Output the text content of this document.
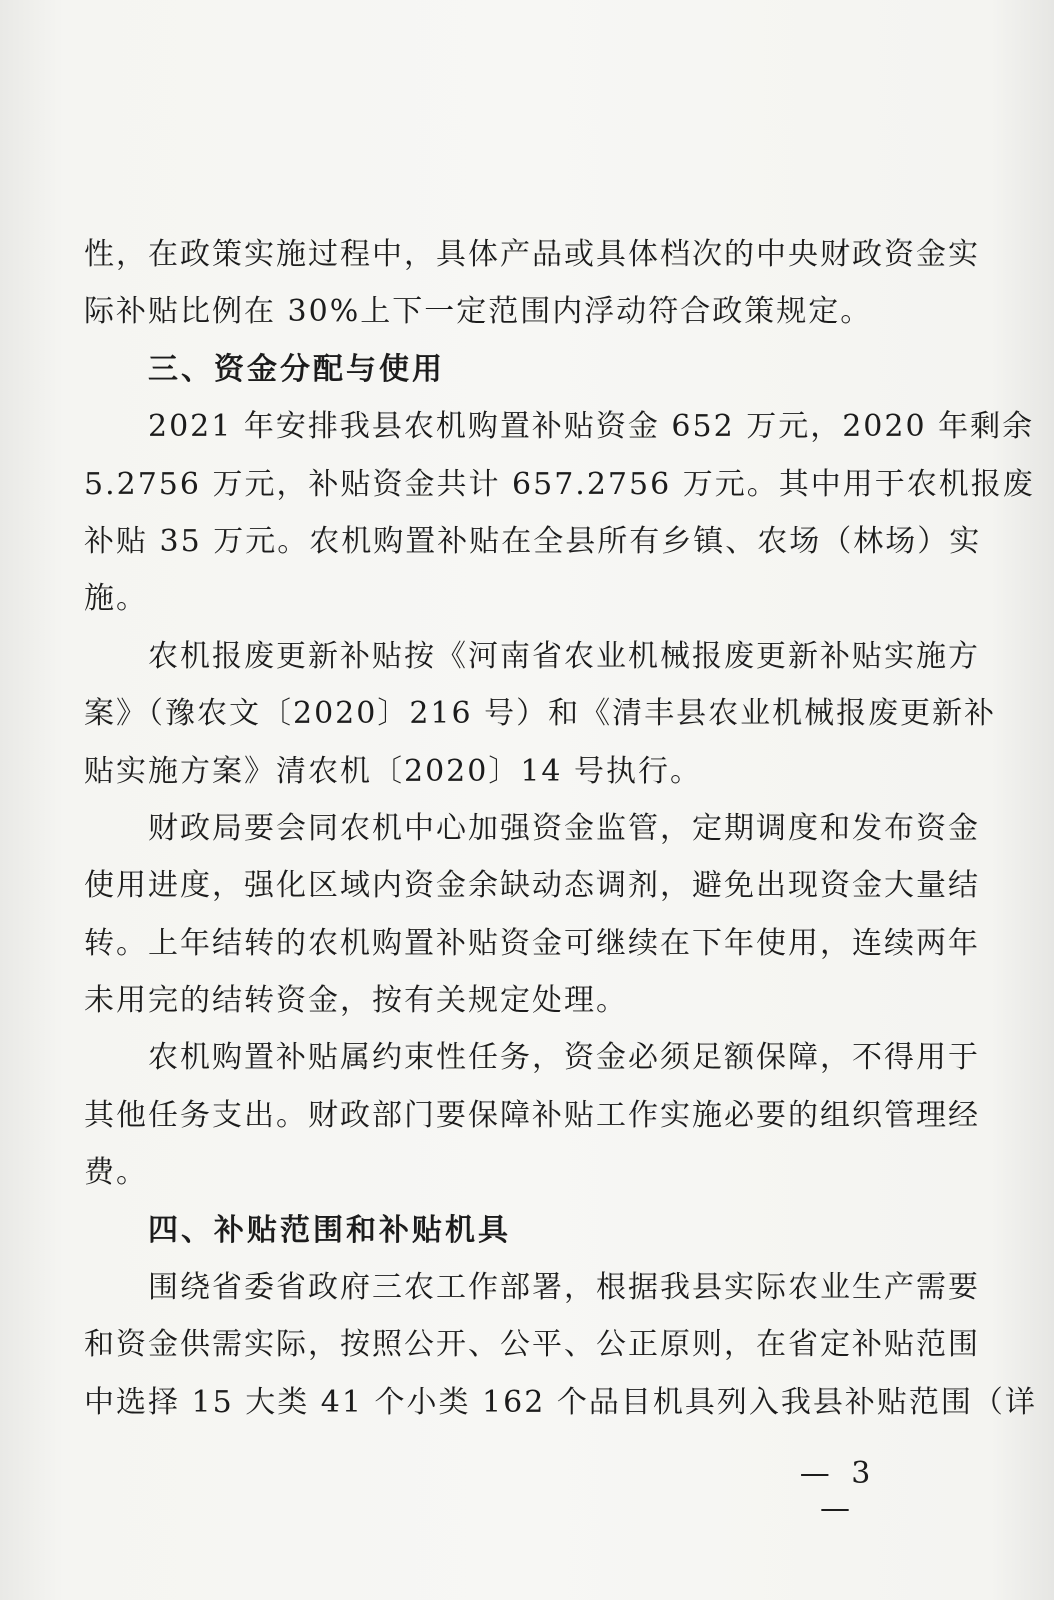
性，在政策实施过程中，具体产品或具体档次的中央财政资金实
际补贴比例在 30%上下一定范围内浮动符合政策规定。
三、资金分配与使用
2021 年安排我县农机购置补贴资金 652 万元，2020 年剩余
5.2756 万元，补贴资金共计 657.2756 万元。其中用于农机报废
补贴 35 万元。农机购置补贴在全县所有乡镇、农场（林场）实
施。
农机报废更新补贴按《河南省农业机械报废更新补贴实施方
案》（豫农文〔2020〕216 号）和《清丰县农业机械报废更新补
贴实施方案》清农机〔2020〕14 号执行。
财政局要会同农机中心加强资金监管，定期调度和发布资金
使用进度，强化区域内资金余缺动态调剂，避免出现资金大量结
转。上年结转的农机购置补贴资金可继续在下年使用，连续两年
未用完的结转资金，按有关规定处理。
农机购置补贴属约束性任务，资金必须足额保障，不得用于
其他任务支出。财政部门要保障补贴工作实施必要的组织管理经
费。
四、补贴范围和补贴机具
围绕省委省政府三农工作部署，根据我县实际农业生产需要
和资金供需实际，按照公开、公平、公正原则，在省定补贴范围
中选择 15 大类 41 个小类 162 个品目机具列入我县补贴范围（详
— 3 —
